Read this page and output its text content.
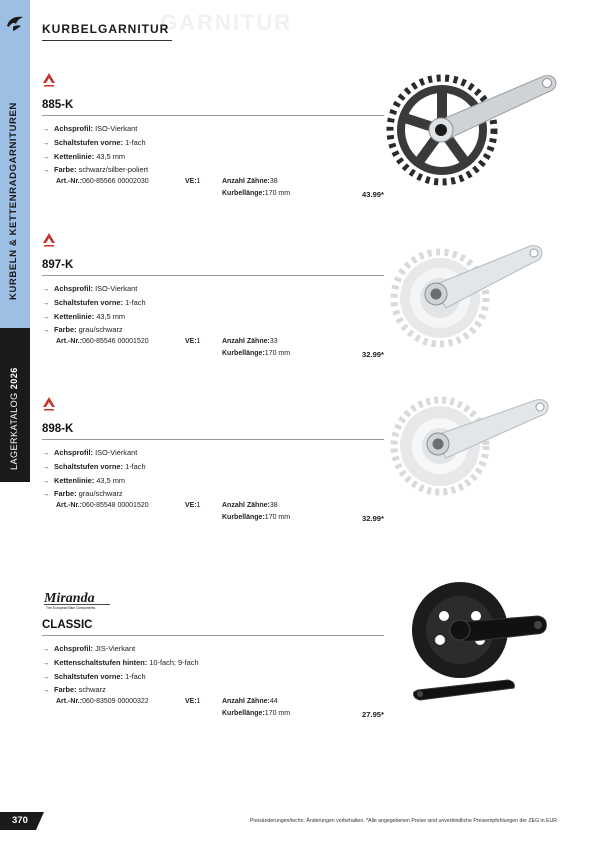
KURBELN & KETTENRADGARNITUREN
LAGERKATALOG 2026
GARNITUR
KURBELGARNITUR
885-K
→ Achsprofil: ISO-Vierkant
→ Schaltstufen vorne: 1-fach
→ Kettenlinie: 43,5 mm
→ Farbe: schwarz/silber-poliert
Art.-Nr.: 060-85566 00002030	VE: 1	Anzahl Zähne: 38
Kurbellänge: 170 mm	43.99*
897-K
→ Achsprofil: ISO-Vierkant
→ Schaltstufen vorne: 1-fach
→ Kettenlinie: 43,5 mm
→ Farbe: grau/schwarz
Art.-Nr.: 060-85546 00001520	VE: 1	Anzahl Zähne: 33
Kurbellänge: 170 mm	32.99*
898-K
→ Achsprofil: ISO-Vierkant
→ Schaltstufen vorne: 1-fach
→ Kettenlinie: 43,5 mm
→ Farbe: grau/schwarz
Art.-Nr.: 060-85548 00001520	VE: 1	Anzahl Zähne: 38
Kurbellänge: 170 mm	32.99*
Miranda
The European Bike Components
CLASSIC
→ Achsprofil: JIS-Vierkant
→ Kettenschaltstufen hinten: 10-fach; 9-fach
→ Schaltstufen vorne: 1-fach
→ Farbe: schwarz
Art.-Nr.: 060-83509 00000322	VE: 1	Anzahl Zähne: 44
Kurbellänge: 170 mm	27.95*
370	Preisänderungen/techn. Änderungen vorbehalten. *Alle angegebenen Preise sind unverbindliche Preisempfehlungen der ZEG in EUR
